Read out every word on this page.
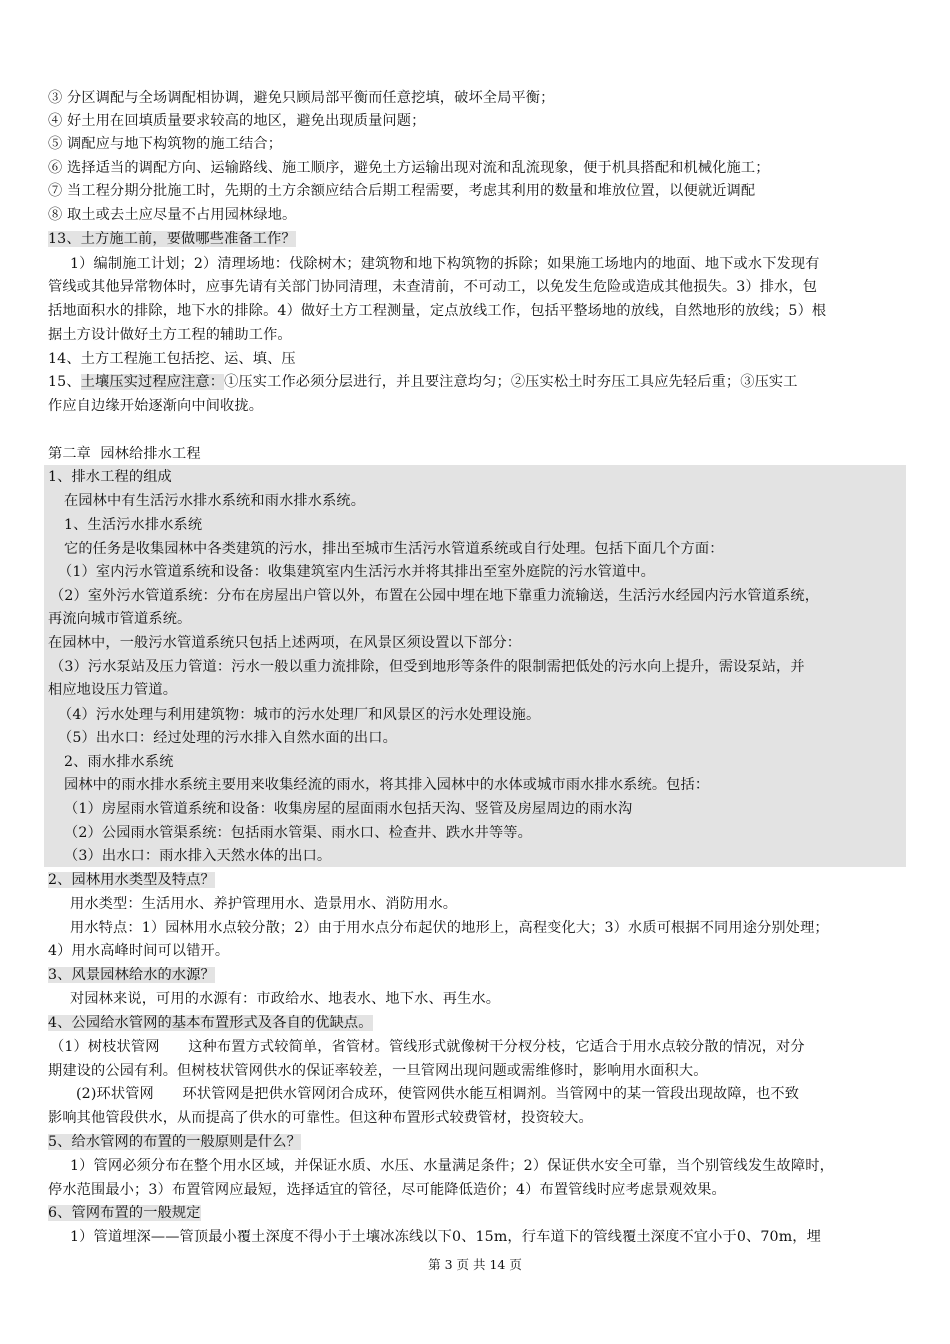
③ 分区调配与全场调配相协调，避免只顾局部平衡而任意挖填，破坏全局平衡；
④ 好土用在回填质量要求较高的地区，避免出现质量问题；
⑤ 调配应与地下构筑物的施工结合；
⑥ 选择适当的调配方向、运输路线、施工顺序，避免土方运输出现对流和乱流现象，便于机具搭配和机械化施工；
⑦ 当工程分期分批施工时，先期的土方余额应结合后期工程需要，考虑其利用的数量和堆放位置，以便就近调配
⑧ 取土或去土应尽量不占用园林绿地。
13、土方施工前，要做哪些准备工作？
1）编制施工计划；2）清理场地：伐除树木；建筑物和地下构筑物的拆除；如果施工场地内的地面、地下或水下发现有
管线或其他异常物体时，应事先请有关部门协同清理，未查清前，不可动工，以免发生危险或造成其他损失。3）排水，包
括地面积水的排除，地下水的排除。4）做好土方工程测量，定点放线工作，包括平整场地的放线，自然地形的放线；5）根
据土方设计做好土方工程的辅助工作。
14、土方工程施工包括挖、运、填、压
15、土壤压实过程应注意：①压实工作必须分层进行，并且要注意均匀；②压实松土时夯压工具应先轻后重；③压实工
作应自边缘开始逐渐向中间收拢。
第二章  园林给排水工程
1、排水工程的组成
在园林中有生活污水排水系统和雨水排水系统。
1、生活污水排水系统
它的任务是收集园林中各类建筑的污水，排出至城市生活污水管道系统或自行处理。包括下面几个方面：
（1）室内污水管道系统和设备：收集建筑室内生活污水并将其排出至室外庭院的污水管道中。
（2）室外污水管道系统：分布在房屋出户管以外，布置在公园中埋在地下靠重力流输送，生活污水经园内污水管道系统，
再流向城市管道系统。
在园林中，一般污水管道系统只包括上述两项，在风景区须设置以下部分：
（3）污水泵站及压力管道：污水一般以重力流排除，但受到地形等条件的限制需把低处的污水向上提升，需设泵站，并
相应地设压力管道。
（4）污水处理与利用建筑物：城市的污水处理厂和风景区的污水处理设施。
（5）出水口：经过处理的污水排入自然水面的出口。
2、雨水排水系统
园林中的雨水排水系统主要用来收集经流的雨水，将其排入园林中的水体或城市雨水排水系统。包括：
（1）房屋雨水管道系统和设备：收集房屋的屋面雨水包括天沟、竖管及房屋周边的雨水沟
（2）公园雨水管渠系统：包括雨水管渠、雨水口、检查井、跌水井等等。
（3）出水口：雨水排入天然水体的出口。
2、园林用水类型及特点？
用水类型：生活用水、养护管理用水、造景用水、消防用水。
用水特点：1）园林用水点较分散；2）由于用水点分布起伏的地形上，高程变化大；3）水质可根据不同用途分别处理；
4）用水高峰时间可以错开。
3、风景园林给水的水源？
对园林来说，可用的水源有：市政给水、地表水、地下水、再生水。
4、公园给水管网的基本布置形式及各自的优缺点。
（1）树枝状管网　　这种布置方式较简单，省管材。管线形式就像树干分杈分枝，它适合于用水点较分散的情况，对分
期建设的公园有利。但树枝状管网供水的保证率较差，一旦管网出现问题或需维修时，影响用水面积大。
(2)环状管网　　环状管网是把供水管网闭合成环，使管网供水能互相调剂。当管网中的某一管段出现故障，也不致
影响其他管段供水，从而提高了供水的可靠性。但这种布置形式较费管材，投资较大。
5、给水管网的布置的一般原则是什么？
1）管网必须分布在整个用水区域，并保证水质、水压、水量满足条件；2）保证供水安全可靠，当个别管线发生故障时，
停水范围最小；3）布置管网应最短，选择适宜的管径，尽可能降低造价；4）布置管线时应考虑景观效果。
6、管网布置的一般规定
1）管道埋深——管顶最小覆土深度不得小于土壤冰冻线以下0、15m，行车道下的管线覆土深度不宜小于0、70m，埋
第 3 页 共 14 页
